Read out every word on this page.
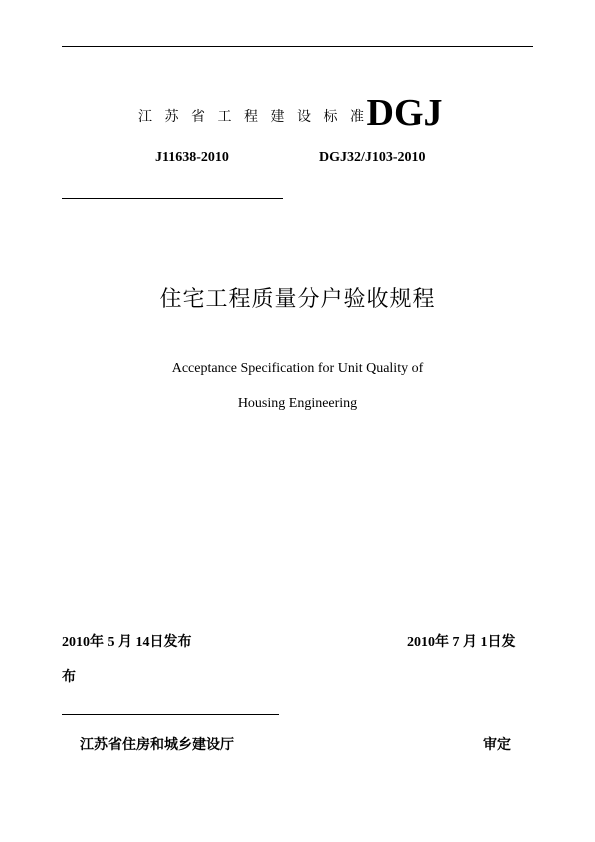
江苏省工程建设标准
DGJ
J11638-2010	DGJ32/J103-2010
住宅工程质量分户验收规程
Acceptance Specification for Unit Quality of
Housing Engineering
2010年 5 月 14日发布	2010年 7 月 1日发
布
江苏省住房和城乡建设厅	审定
